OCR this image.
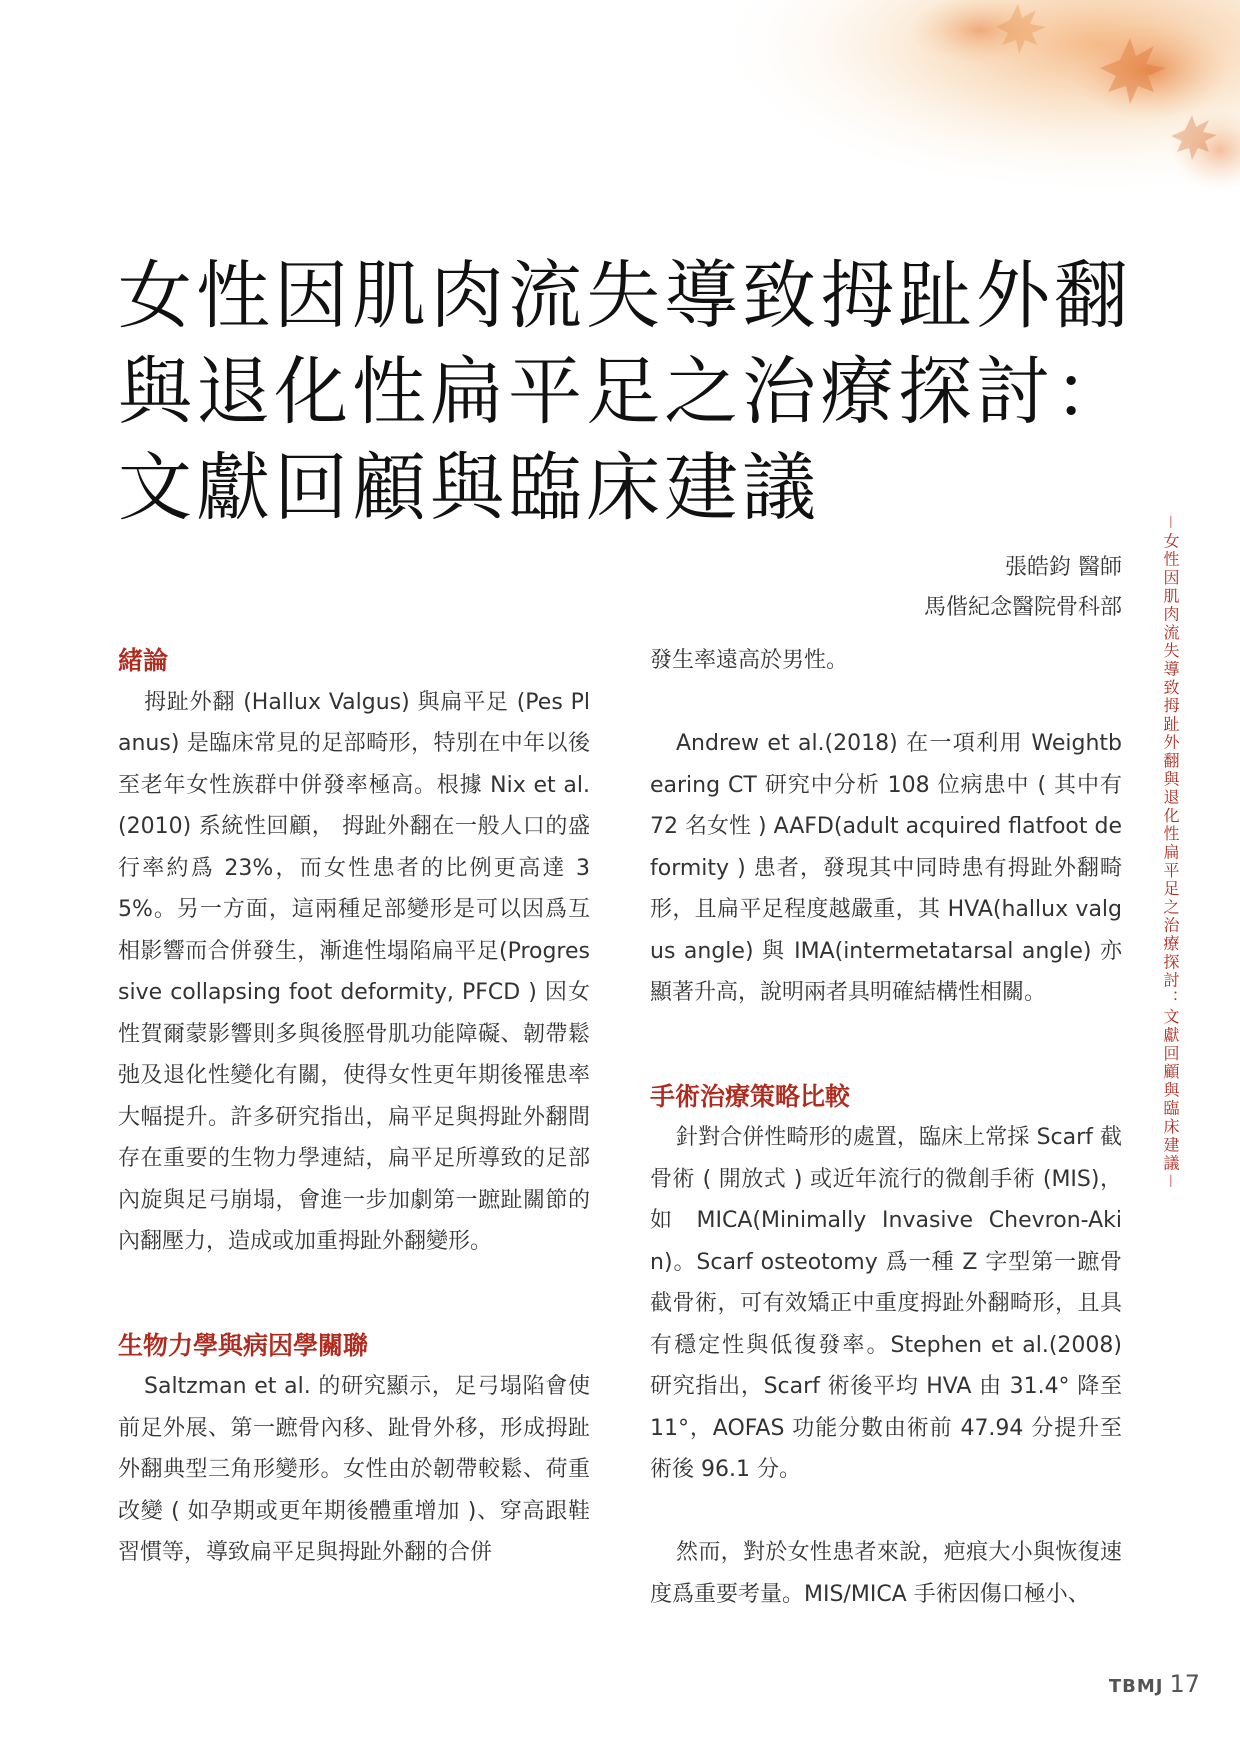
女性因肌肉流失導致拇趾外翻
與退化性扁平足之治療探討：
文獻回顧與臨床建議
張皓鈞 醫師
馬偕紀念醫院骨科部
緒論

拇趾外翻 (Hallux Valgus) 與扁平足 (Pes Planus) 是臨床常見的足部畸形，特別在中年以後至老年女性族群中併發率極高。根據 Nix et al.(2010) 系統性回顧， 拇趾外翻在一般人口的盛行率約爲 23%，而女性患者的比例更高達 35%。另一方面，這兩種足部變形是可以因爲互相影響而合併發生，漸進性塌陷扁平足(Progressive collapsing foot deformity, PFCD ) 因女性賀爾蒙影響則多與後脛骨肌功能障礙、韌帶鬆弛及退化性變化有關，使得女性更年期後罹患率大幅提升。許多研究指出，扁平足與拇趾外翻間存在重要的生物力學連結，扁平足所導致的足部內旋與足弓崩塌，會進一步加劇第一蹠趾關節的內翻壓力，造成或加重拇趾外翻變形。

生物力學與病因學關聯

Saltzman et al. 的研究顯示，足弓塌陷會使前足外展、第一蹠骨內移、趾骨外移，形成拇趾外翻典型三角形變形。女性由於韌帶較鬆、荷重改變 ( 如孕期或更年期後體重增加 )、穿高跟鞋習慣等，導致扁平足與拇趾外翻的合併

發生率遠高於男性。

Andrew et al.(2018) 在一項利用 Weightbearing CT 研究中分析 108 位病患中 ( 其中有 72 名女性 ) AAFD(adult acquired flatfoot deformity ) 患者，發現其中同時患有拇趾外翻畸形，且扁平足程度越嚴重，其 HVA(hallux valgus angle) 與 IMA(intermetatarsal angle) 亦顯著升高，說明兩者具明確結構性相關。

手術治療策略比較

針對合併性畸形的處置，臨床上常採 Scarf 截骨術 ( 開放式 ) 或近年流行的微創手術 (MIS)，如 MICA(Minimally Invasive Chevron-Akin)。Scarf osteotomy 爲一種 Z 字型第一蹠骨截骨術，可有效矯正中重度拇趾外翻畸形，且具有穩定性與低復發率。Stephen et al.(2008) 研究指出，Scarf 術後平均 HVA 由 31.4° 降至 11°，AOFAS 功能分數由術前 47.94 分提升至術後 96.1 分。

然而，對於女性患者來說，疤痕大小與恢復速度爲重要考量。MIS/MICA 手術因傷口極小、

－女性因肌肉流失導致拇趾外翻與退化性扁平足之治療探討：文獻回顧與臨床建議－
TBMJ 17
